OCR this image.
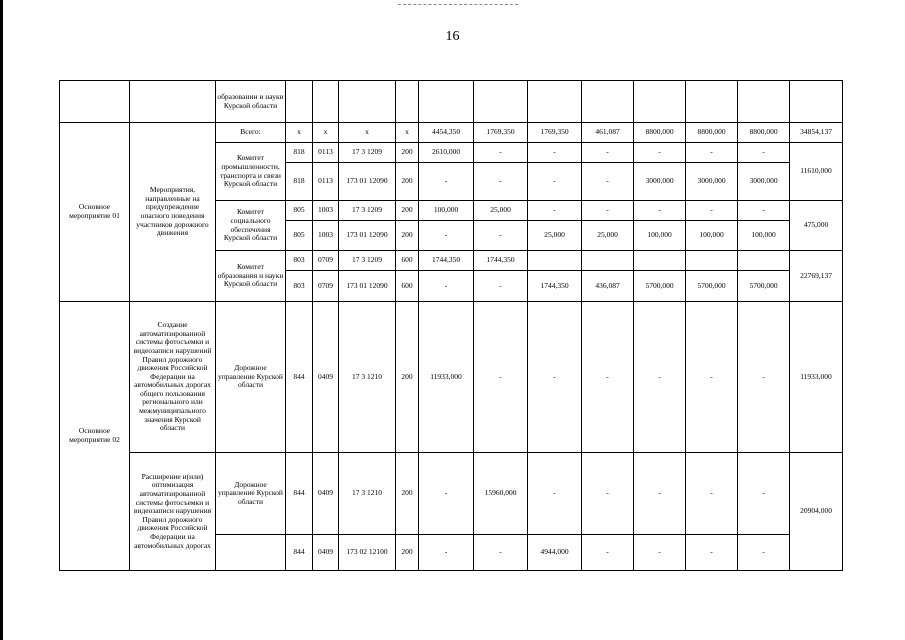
16
		образовании и науки Курской области												
Основное мероприятие 01	Мероприятия, направленные на предупреждение опасного поведения участников дорожного движения	Всего:	x	x	x	x	4454,350	1769,350	1769,350	461,087	8800,000	8800,000	8800,000	34854,137
		Комитет промышленности, транспорта и связи Курской области	818	0113	17 3 1209	200	2610,000	-	-	-	-	-	-	11610,000
			818	0113	173 01 12090	200	-	-	-	-	3000,000	3000,000	3000,000	
		Комитет социального обеспечения Курской области	805	1003	17 3 1209	200	100,000	25,000	-	-	-	-	-	475,000
			805	1003	173 01 12090	200	-	-	25,000	25,000	100,000	100,000	100,000	
		Комитет образования и науки Курской области	803	0709	17 3 1209	600	1744,350	1744,350						22769,137
			803	0709	173 01 12090	600	-	-	1744,350	436,087	5700,000	5700,000	5700,000	
Основное мероприятие 02	Создание автоматизированной системы фотосъемки и видеозаписи нарушений Правил дорожного движения Российской Федерации на автомобильных дорогах общего пользования регионального или межмуниципального значения Курской области	Дорожное управление Курской области	844	0409	17 3 1210	200	11933,000	-	-	-	-	-	-	11933,000
	Расширение и(или) оптимизация автоматизированной системы фотосъемки и видеозаписи нарушения Правил дорожного движения Российской Федерации на автомобильных дорогах	Дорожное управление Курской области	844	0409	17 3 1210	200	-	15960,000	-	-	-	-	-	20904,000
			844	0409	173 02 12100	200	-	-	4944,000	-	-	-	-	
